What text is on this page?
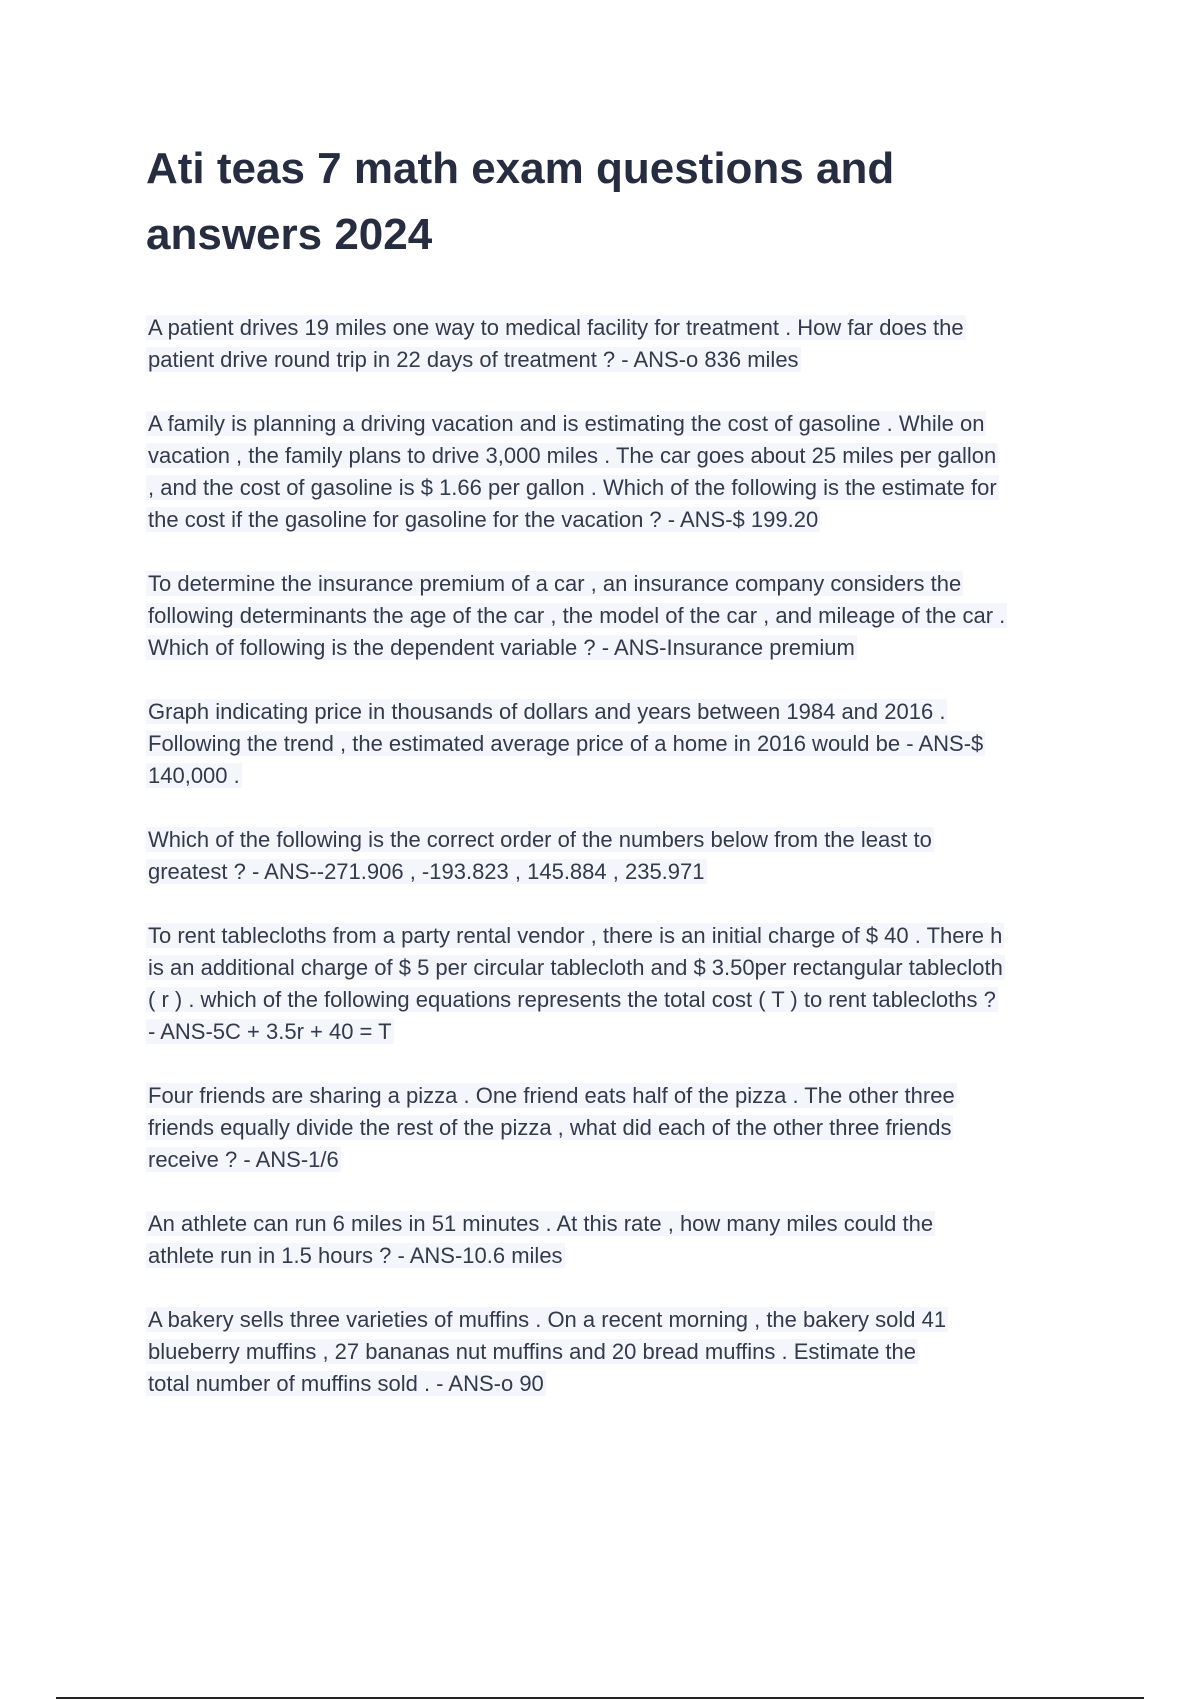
Ati teas 7 math exam questions and answers 2024
A patient drives 19 miles one way to medical facility for treatment . How far does the
patient drive round trip in 22 days of treatment ? - ANS-o 836 miles
A family is planning a driving vacation and is estimating the cost of gasoline . While on
vacation , the family plans to drive 3,000 miles . The car goes about 25 miles per gallon
, and the cost of gasoline is $ 1.66 per gallon . Which of the following is the estimate for
the cost if the gasoline for gasoline for the vacation ? - ANS-$ 199.20
To determine the insurance premium of a car , an insurance company considers the
following determinants the age of the car , the model of the car , and mileage of the car .
Which of following is the dependent variable ? - ANS-Insurance premium
Graph indicating price in thousands of dollars and years between 1984 and 2016 .
Following the trend , the estimated average price of a home in 2016 would be - ANS-$
140,000 .
Which of the following is the correct order of the numbers below from the least to
greatest ? - ANS--271.906 , -193.823 , 145.884 , 235.971
To rent tablecloths from a party rental vendor , there is an initial charge of $ 40 . There h
is an additional charge of $ 5 per circular tablecloth and $ 3.50per rectangular tablecloth
( r ) . which of the following equations represents the total cost ( T ) to rent tablecloths ?
- ANS-5C + 3.5r + 40 = T
Four friends are sharing a pizza . One friend eats half of the pizza . The other three
friends equally divide the rest of the pizza , what did each of the other three friends
receive ? - ANS-1/6
An athlete can run 6 miles in 51 minutes . At this rate , how many miles could the
athlete run in 1.5 hours ? - ANS-10.6 miles
A bakery sells three varieties of muffins . On a recent morning , the bakery sold 41
blueberry muffins , 27 bananas nut muffins and 20 bread muffins . Estimate the
total number of muffins sold . - ANS-o 90
